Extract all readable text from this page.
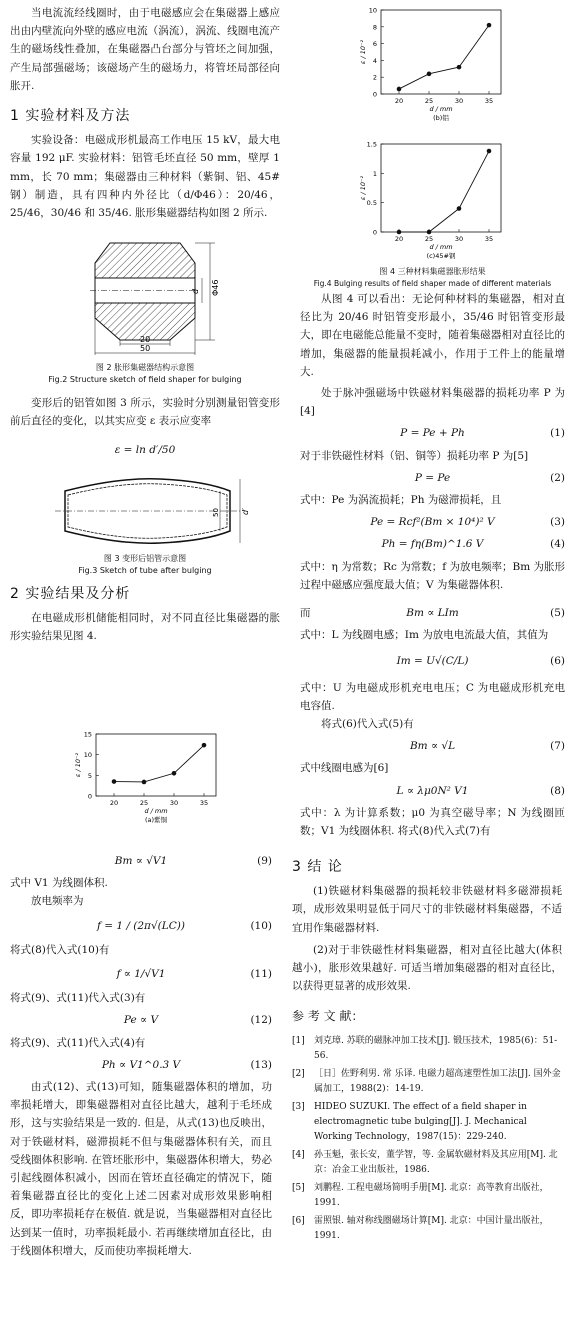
当电流流经线圈时，由于电磁感应会在集磁器上感应出由内壁流向外壁的感应电流（涡流），涡流、线圈电流产生的磁场线性叠加，在集磁器凸台部分与管坯之间加强，产生局部强磁场；该磁场产生的磁场力，将管坯局部径向胀开.

1 实验材料及方法

实验设备：电磁成形机最高工作电压 15 kV，最大电容量 192 μF. 实验材料：铝管毛坯直径 50 mm，壁厚 1 mm，长 70 mm；集磁器由三种材料（紫铜、铝、45# 钢）制造，具有四种内外径比（d/Φ46）：20/46，25/46，30/46 和 35/46. 胀形集磁器结构如图 2 所示.

Φ46
d
20
50
图 2 胀形集磁器结构示意图
Fig.2 Structure sketch of field shaper for bulging

变形后的铝管如图 3 所示，实验时分别测量铝管变形前后直径的变化，以其实应变 ε 表示应变率

ε = ln d′/50
50	d′
图 3 变形后铝管示意图
Fig.3 Sketch of tube after bulging
2 实验结果及分析

在电磁成形机储能相同时，对不同直径比集磁器的胀形实验结果见图 4.

0
5
10
15
20	25	30	35
ε / 10⁻²
d / mm
(a)紫铜
0
2
4
6
8
10
20	25	30	35
ε / 10⁻²
d / mm
(b)铝
0
0.5
1
1.5
20	25	30	35
ε / 10⁻²
d / mm
(c)45#钢
图 4 三种材料集磁器胀形结果
Fig.4 Bulging results of field shaper made of different materials

从图 4 可以看出：无论何种材料的集磁器，相对直径比为 20/46 时铝管变形最小，35/46 时铝管变形最大，即在电磁能总能量不变时，随着集磁器相对直径比的增加，集磁器的能量损耗减小，作用于工件上的能量增大.

处于脉冲强磁场中铁磁材料集磁器的损耗功率 P 为[4]

P = Pe + Ph	(1)

对于非铁磁性材料（铝、铜等）损耗功率 P 为[5]

P = Pe	(2)

式中：Pe 为涡流损耗；Ph 为磁滞损耗，且

Pe = Rcf²(Bm × 10⁴)² V	(3)
Ph = fη(Bm)^1.6 V	(4)

式中：η 为常数；Rc 为常数；f 为放电频率；Bm 为胀形过程中磁感应强度最大值；V 为集磁器体积.

而	Bm ∝ LIm	(5)

式中：L 为线圈电感；Im 为放电电流最大值，其值为

Im = U√(C/L)	(6)

式中：U 为电磁成形机充电电压；C 为电磁成形机充电电容值.

将式(6)代入式(5)有

Bm ∝ √L	(7)

式中线圈电感为[6]

L ∝ λμ0N² V1	(8)

式中：λ 为计算系数；μ0 为真空磁导率；N 为线圈匝数；V1 为线圈体积. 将式(8)代入式(7)有

Bm ∝ √V1	(9)

式中 V1 为线圈体积.

放电频率为

f = 1 / (2π√(LC))	(10)

将式(8)代入式(10)有

f ∝ 1/√V1	(11)

将式(9)、式(11)代入式(3)有

Pe ∝ V	(12)

将式(9)、式(11)代入式(4)有

Ph ∝ V1^0.3 V	(13)

由式(12)、式(13)可知，随集磁器体积的增加，功率损耗增大，即集磁器相对直径比越大，越利于毛坯成形，这与实验结果是一致的. 但是，从式(13)也反映出，对于铁磁材料，磁滞损耗不但与集磁器体积有关，而且受线圈体积影响. 在管坯胀形中，集磁器体积增大，势必引起线圈体积减小，因而在管坯直径确定的情况下，随着集磁器直径比的变化上述二因素对成形效果影响相反，即功率损耗存在极值. 就是说，当集磁器相对直径比达到某一值时，功率损耗最小. 若再继续增加直径比，由于线圈体积增大，反而使功率损耗增大.

3 结 论

(1)铁磁材料集磁器的损耗较非铁磁材料多磁滞损耗项，成形效果明显低于同尺寸的非铁磁材料集磁器，不适宜用作集磁器材料.

(2)对于非铁磁性材料集磁器，相对直径比越大(体积越小)，胀形效果越好. 可适当增加集磁器的相对直径比，以获得更显著的成形效果.

参 考 文 献：
[1]	刘克璋. 苏联的磁脉冲加工技术[J]. 锻压技术，1985(6)：51-56.
[2]	［日］佐野利男. 常 乐译. 电磁力超高速塑性加工法[J]. 国外金属加工，1988(2)：14-19.
[3]	HIDEO SUZUKI. The effect of a field shaper in electromagnetic tube bulging[J]. J. Mechanical Working Technology，1987(15)：229-240.
[4]	孙玉魁，张长安，董学智，等. 金属软磁材料及其应用[M]. 北京：冶金工业出版社，1986.
[5]	刘鹏程. 工程电磁场简明手册[M]. 北京：高等教育出版社，1991.
[6]	雷照银. 轴对称线圈磁场计算[M]. 北京：中国计量出版社，1991.
